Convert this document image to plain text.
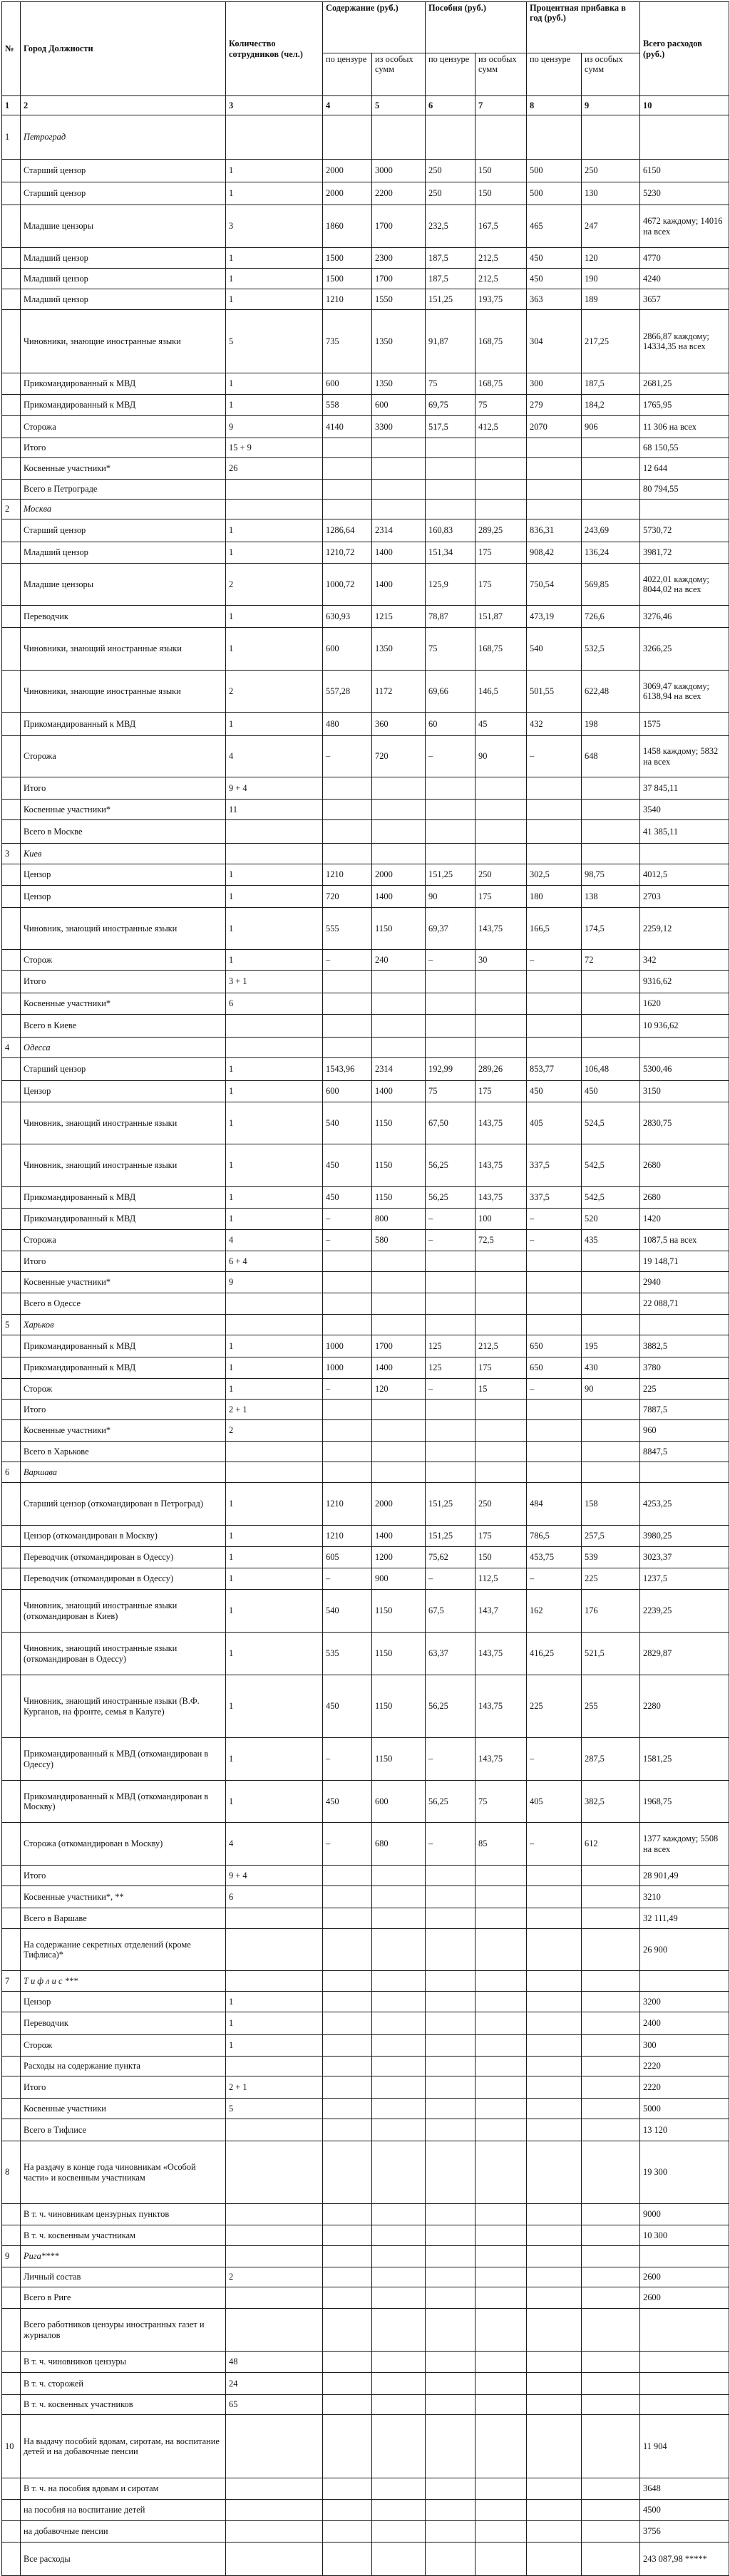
№	Город Должности	Количество сотрудников (чел.)	Содержание (руб.)		Пособия (руб.)		Процентная прибавка в год (руб.)		Всего расходов (руб.)
			по цензуре	из особых сумм	по цензуре	из особых сумм	по цензуре	из особых сумм	
1	2	3	4	5	6	7	8	9	10
1	Петроград								
	Старший цензор	1	2000	3000	250	150	500	250	6150
	Старший цензор	1	2000	2200	250	150	500	130	5230
	Младшие цензоры	3	1860	1700	232,5	167,5	465	247	4672 каждому; 14016 на всех
	Младший цензор	1	1500	2300	187,5	212,5	450	120	4770
	Младший цензор	1	1500	1700	187,5	212,5	450	190	4240
	Младший цензор	1	1210	1550	151,25	193,75	363	189	3657
	Чиновники, знающие иностранные языки	5	735	1350	91,87	168,75	304	217,25	2866,87 каждому; 14334,35 на всех
	Прикомандированный к МВД	1	600	1350	75	168,75	300	187,5	2681,25
	Прикомандированный к МВД	1	558	600	69,75	75	279	184,2	1765,95
	Сторожа	9	4140	3300	517,5	412,5	2070	906	11 306 на всех
	Итого	15 + 9							68 150,55
	Косвенные участники*	26							12 644
	Всего в Петрограде								80 794,55
2	Москва								
	Старший цензор	1	1286,64	2314	160,83	289,25	836,31	243,69	5730,72
	Младший цензор	1	1210,72	1400	151,34	175	908,42	136,24	3981,72
	Младшие цензоры	2	1000,72	1400	125,9	175	750,54	569,85	4022,01 каждому; 8044,02 на всех
	Переводчик	1	630,93	1215	78,87	151,87	473,19	726,6	3276,46
	Чиновники, знающий иностранные языки	1	600	1350	75	168,75	540	532,5	3266,25
	Чиновники, знающие иностранные языки	2	557,28	1172	69,66	146,5	501,55	622,48	3069,47 каждому; 6138,94 на всех
	Прикомандированный к МВД	1	480	360	60	45	432	198	1575
	Сторожа	4	–	720	–	90	–	648	1458 каждому; 5832 на всех
	Итого	9 + 4							37 845,11
	Косвенные участники*	11							3540
	Всего в Москве								41 385,11
3	Киев								
	Цензор	1	1210	2000	151,25	250	302,5	98,75	4012,5
	Цензор	1	720	1400	90	175	180	138	2703
	Чиновник, знающий иностранные языки	1	555	1150	69,37	143,75	166,5	174,5	2259,12
	Сторож	1	–	240	–	30	–	72	342
	Итого	3 + 1							9316,62
	Косвенные участники*	6							1620
	Всего в Киеве								10 936,62
4	Одесса								
	Старший цензор	1	1543,96	2314	192,99	289,26	853,77	106,48	5300,46
	Цензор	1	600	1400	75	175	450	450	3150
	Чиновник, знающий иностранные языки	1	540	1150	67,50	143,75	405	524,5	2830,75
	Чиновник, знающий иностранные языки	1	450	1150	56,25	143,75	337,5	542,5	2680
	Прикомандированный к МВД	1	450	1150	56,25	143,75	337,5	542,5	2680
	Прикомандированный к МВД	1	–	800	–	100	–	520	1420
	Сторожа	4	–	580	–	72,5	–	435	1087,5 на всех
	Итого	6 + 4							19 148,71
	Косвенные участники*	9							2940
	Всего в Одессе								22 088,71
5	Харьков								
	Прикомандированный к МВД	1	1000	1700	125	212,5	650	195	3882,5
	Прикомандированный к МВД	1	1000	1400	125	175	650	430	3780
	Сторож	1	–	120	–	15	–	90	225
	Итого	2 + 1							7887,5
	Косвенные участники*	2							960
	Всего в Харькове								8847,5
6	Варшава								
	Старший цензор (откомандирован в Петроград)	1	1210	2000	151,25	250	484	158	4253,25
	Цензор (откомандирован в Москву)	1	1210	1400	151,25	175	786,5	257,5	3980,25
	Переводчик (откомандирован в Одессу)	1	605	1200	75,62	150	453,75	539	3023,37
	Переводчик (откомандирован в Одессу)	1	–	900	–	112,5	–	225	1237,5
	Чиновник, знающий иностранные языки (откомандирован в Киев)	1	540	1150	67,5	143,7	162	176	2239,25
	Чиновник, знающий иностранные языки (откомандирован в Одессу)	1	535	1150	63,37	143,75	416,25	521,5	2829,87
	Чиновник, знающий иностранные языки (В.Ф. Курганов, на фронте, семья в Калуге)	1	450	1150	56,25	143,75	225	255	2280
	Прикомандированный к МВД (откомандирован в Одессу)	1	–	1150	–	143,75	–	287,5	1581,25
	Прикомандированный к МВД (откомандирован в Москву)	1	450	600	56,25	75	405	382,5	1968,75
	Сторожа (откомандирован в Москву)	4	–	680	–	85	–	612	1377 каждому; 5508 на всех
	Итого	9 + 4							28 901,49
	Косвенные участники*, **	6							3210
	Всего в Варшаве								32 111,49
	На содержание секретных отделений (кроме Тифлиса)*								26 900
7	Т и ф л и с ***								
	Цензор	1							3200
	Переводчик	1							2400
	Сторож	1							300
	Расходы на содержание пункта								2220
	Итого	2 + 1							2220
	Косвенные участники	5							5000
	Всего в Тифлисе								13 120
8	На раздачу в конце года чиновникам «Особой части» и косвенным участникам								19 300
	В т. ч. чиновникам цензурных пунктов								9000
	В т. ч. косвенным участникам								10 300
9	Рига****								
	Личный состав	2							2600
	Всего в Риге								2600
	Всего работников цензуры иностранных газет и журналов								
	В т. ч. чиновников цензуры	48							
	В т. ч. сторожей	24							
	В т. ч. косвенных участников	65							
10	На выдачу пособий вдовам, сиротам, на воспитание детей и на добавочные пенсии								11 904
	В т. ч. на пособия вдовам и сиротам								3648
	на пособия на воспитание детей								4500
	на добавочные пенсии								3756
	Все расходы								243 087,98 *****
